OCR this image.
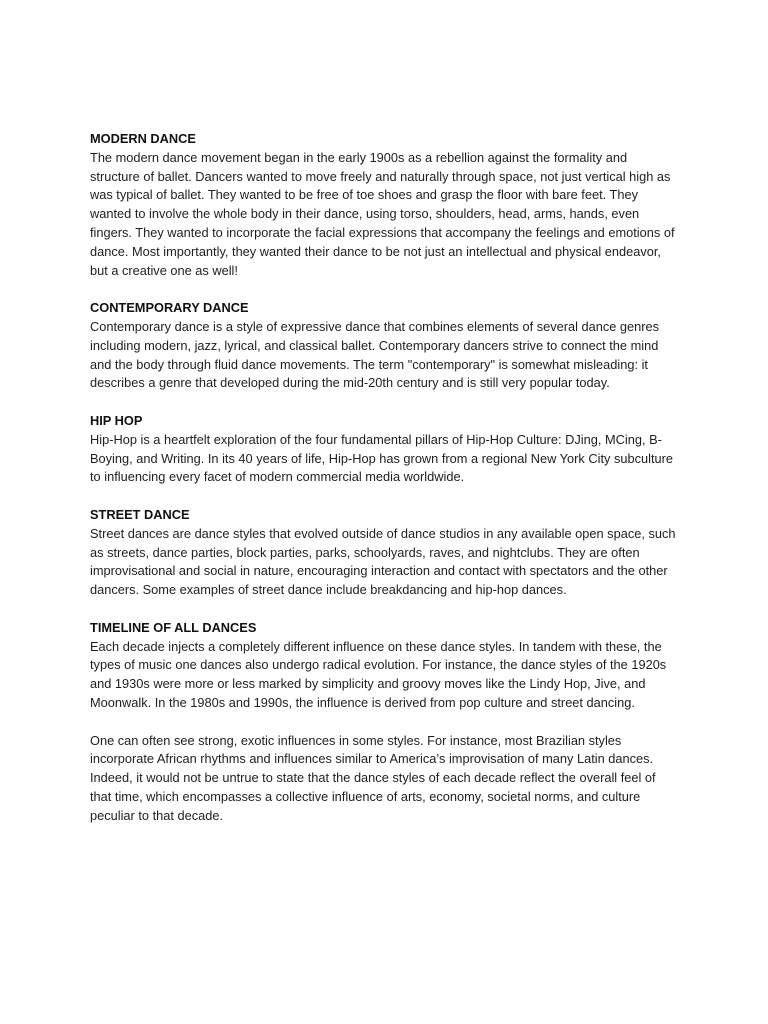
MODERN DANCE

The modern dance movement began in the early 1900s as a rebellion against the formality and structure of ballet. Dancers wanted to move freely and naturally through space, not just vertical high as was typical of ballet. They wanted to be free of toe shoes and grasp the floor with bare feet. They wanted to involve the whole body in their dance, using torso, shoulders, head, arms, hands, even fingers. They wanted to incorporate the facial expressions that accompany the feelings and emotions of dance. Most importantly, they wanted their dance to be not just an intellectual and physical endeavor, but a creative one as well!

CONTEMPORARY DANCE

Contemporary dance is a style of expressive dance that combines elements of several dance genres including modern, jazz, lyrical, and classical ballet. Contemporary dancers strive to connect the mind and the body through fluid dance movements. The term "contemporary" is somewhat misleading: it describes a genre that developed during the mid-20th century and is still very popular today.

HIP HOP

Hip-Hop is a heartfelt exploration of the four fundamental pillars of Hip-Hop Culture: DJing, MCing, B-Boying, and Writing. In its 40 years of life, Hip-Hop has grown from a regional New York City subculture to influencing every facet of modern commercial media worldwide.

STREET DANCE

Street dances are dance styles that evolved outside of dance studios in any available open space, such as streets, dance parties, block parties, parks, schoolyards, raves, and nightclubs. They are often improvisational and social in nature, encouraging interaction and contact with spectators and the other dancers. Some examples of street dance include breakdancing and hip-hop dances.

TIMELINE OF ALL DANCES

Each decade injects a completely different influence on these dance styles. In tandem with these, the types of music one dances also undergo radical evolution. For instance, the dance styles of the 1920s and 1930s were more or less marked by simplicity and groovy moves like the Lindy Hop, Jive, and Moonwalk. In the 1980s and 1990s, the influence is derived from pop culture and street dancing.

One can often see strong, exotic influences in some styles. For instance, most Brazilian styles incorporate African rhythms and influences similar to America’s improvisation of many Latin dances. Indeed, it would not be untrue to state that the dance styles of each decade reflect the overall feel of that time, which encompasses a collective influence of arts, economy, societal norms, and culture peculiar to that decade.
